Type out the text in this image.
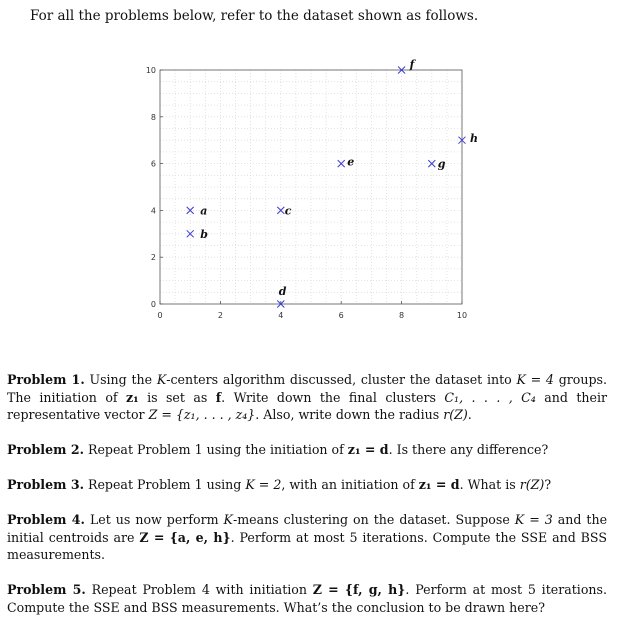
For all the problems below, refer to the dataset shown as follows.
0	2	4	6	8	10
0
2
4
6
8
10
a
b
c
d
e
f
g
h
Problem 1. Using the K-centers algorithm discussed, cluster the dataset into K = 4 groups. The initiation of z₁ is set as f. Write down the final clusters C₁, . . . , C₄ and their representative vector Z = {z₁, . . . , z₄}. Also, write down the radius r(Z).
Problem 2. Repeat Problem 1 using the initiation of z₁ = d. Is there any difference?
Problem 3. Repeat Problem 1 using K = 2, with an initiation of z₁ = d. What is r(Z)?
Problem 4. Let us now perform K-means clustering on the dataset. Suppose K = 3 and the initial centroids are Z = {a, e, h}. Perform at most 5 iterations. Compute the SSE and BSS measurements.
Problem 5. Repeat Problem 4 with initiation Z = {f, g, h}. Perform at most 5 iterations. Compute the SSE and BSS measurements. What’s the conclusion to be drawn here?
